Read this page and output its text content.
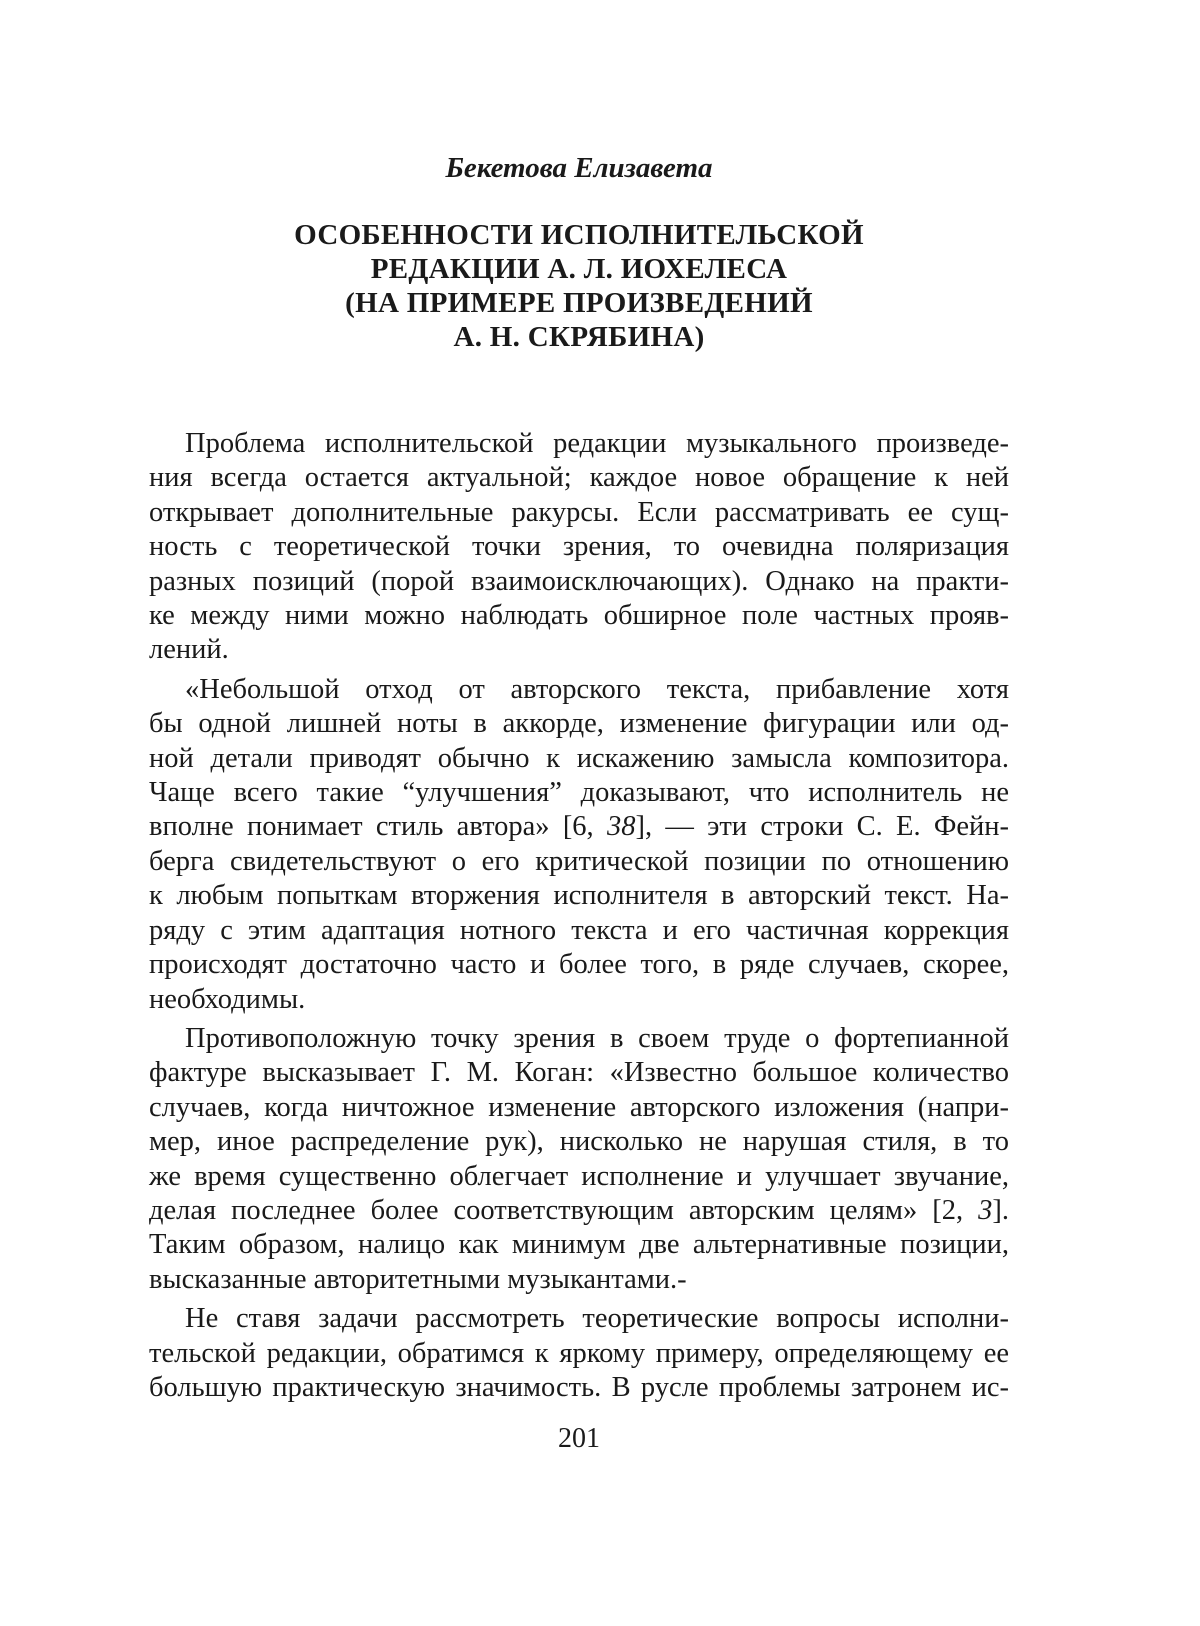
Бекетова Елизавета
ОСОБЕННОСТИ ИСПОЛНИТЕЛЬСКОЙ
РЕДАКЦИИ А. Л. ИОХЕЛЕСА
(НА ПРИМЕРЕ ПРОИЗВЕДЕНИЙ
А. Н. СКРЯБИНА)
Проблема исполнительской редакции музыкального произведе-
ния всегда остается актуальной; каждое новое обращение к ней
открывает дополнительные ракурсы. Если рассматривать ее сущ-
ность с теоретической точки зрения, то очевидна поляризация
разных позиций (порой взаимоисключающих). Однако на практи-
ке между ними можно наблюдать обширное поле частных прояв-
лений.
«Небольшой отход от авторского текста, прибавление хотя
бы одной лишней ноты в аккорде, изменение фигурации или од-
ной детали приводят обычно к искажению замысла композитора.
Чаще всего такие “улучшения” доказывают, что исполнитель не
вполне понимает стиль автора» [6, 38], — эти строки С. Е. Фейн-
берга свидетельствуют о его критической позиции по отношению
к любым попыткам вторжения исполнителя в авторский текст. На-
ряду с этим адаптация нотного текста и его частичная коррекция
происходят достаточно часто и более того, в ряде случаев, скорее,
необходимы.
Противоположную точку зрения в своем труде о фортепианной
фактуре высказывает Г. М. Коган: «Известно большое количество
случаев, когда ничтожное изменение авторского изложения (напри-
мер, иное распределение рук), нисколько не нарушая стиля, в то
же время существенно облегчает исполнение и улучшает звучание,
делая последнее более соответствующим авторским целям» [2, 3].
Таким образом, налицо как минимум две альтернативные позиции,
высказанные авторитетными музыкантами.-
Не ставя задачи рассмотреть теоретические вопросы исполни-
тельской редакции, обратимся к яркому примеру, определяющему ее
большую практическую значимость. В русле проблемы затронем ис-
201
